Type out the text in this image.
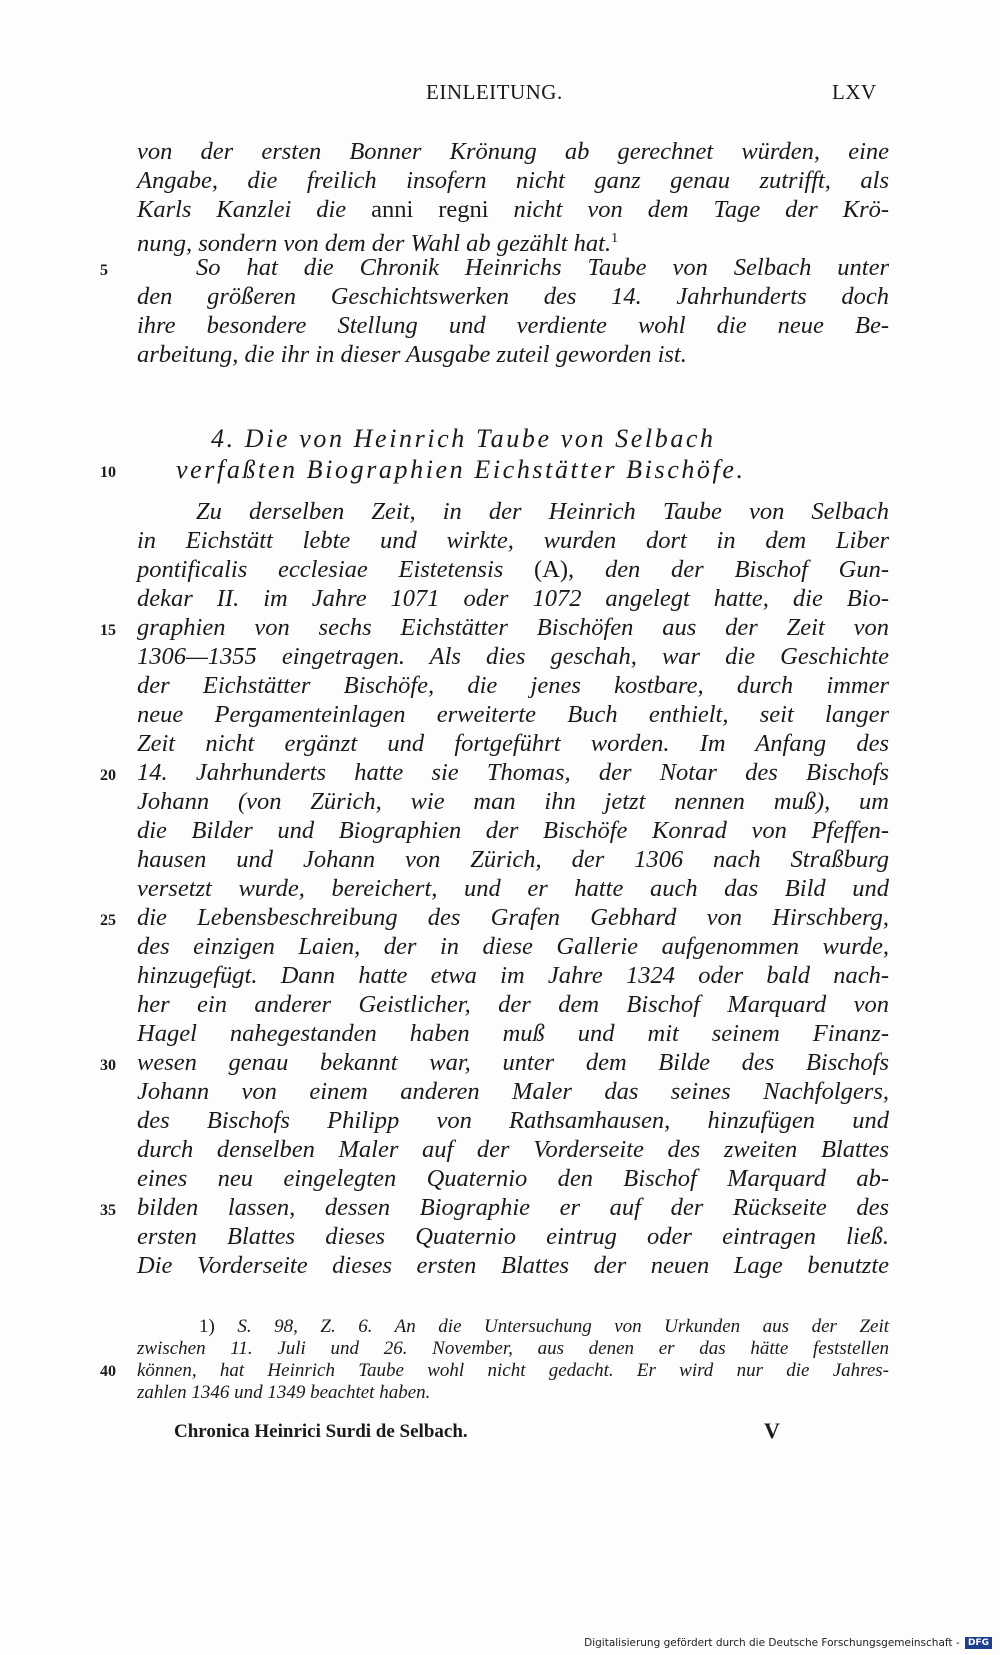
EINLEITUNG.	LXV
von der ersten Bonner Krönung ab gerechnet würden, eine
Angabe, die freilich insofern nicht ganz genau zutrifft, als
Karls Kanzlei die anni regni nicht von dem Tage der Krö-
nung, sondern von dem der Wahl ab gezählt hat.$^1$
5	So hat die Chronik Heinrichs Taube von Selbach unter
den größeren Geschichtswerken des 14. Jahrhunderts doch
ihre besondere Stellung und verdiente wohl die neue Be-
arbeitung, die ihr in dieser Ausgabe zuteil geworden ist.
4. Die von Heinrich Taube von Selbach
10 verfaßten Biographien Eichstätter Bischöfe.
Zu derselben Zeit, in der Heinrich Taube von Selbach
in Eichstätt lebte und wirkte, wurden dort in dem Liber
pontificalis ecclesiae Eistetensis (A), den der Bischof Gun-
dekar II. im Jahre 1071 oder 1072 angelegt hatte, die Bio-
15 graphien von sechs Eichstätter Bischöfen aus der Zeit von
1306—1355 eingetragen. Als dies geschah, war die Geschichte
der Eichstätter Bischöfe, die jenes kostbare, durch immer
neue Pergamenteinlagen erweiterte Buch enthielt, seit langer
Zeit nicht ergänzt und fortgeführt worden. Im Anfang des
20 14. Jahrhunderts hatte sie Thomas, der Notar des Bischofs
Johann (von Zürich, wie man ihn jetzt nennen muß), um
die Bilder und Biographien der Bischöfe Konrad von Pfeffen-
hausen und Johann von Zürich, der 1306 nach Straßburg
versetzt wurde, bereichert, und er hatte auch das Bild und
25 die Lebensbeschreibung des Grafen Gebhard von Hirschberg,
des einzigen Laien, der in diese Gallerie aufgenommen wurde,
hinzugefügt. Dann hatte etwa im Jahre 1324 oder bald nach-
her ein anderer Geistlicher, der dem Bischof Marquard von
Hagel nahegestanden haben muß und mit seinem Finanz-
30 wesen genau bekannt war, unter dem Bilde des Bischofs
Johann von einem anderen Maler das seines Nachfolgers,
des Bischofs Philipp von Rathsamhausen, hinzufügen und
durch denselben Maler auf der Vorderseite des zweiten Blattes
eines neu eingelegten Quaternio den Bischof Marquard ab-
35 bilden lassen, dessen Biographie er auf der Rückseite des
ersten Blattes dieses Quaternio eintrug oder eintragen ließ.
Die Vorderseite dieses ersten Blattes der neuen Lage benutzte
1) S. 98, Z. 6. An die Untersuchung von Urkunden aus der Zeit
zwischen 11. Juli und 26. November, aus denen er das hätte feststellen
40 können, hat Heinrich Taube wohl nicht gedacht. Er wird nur die Jahres-
zahlen 1346 und 1349 beachtet haben.
Chronica Heinrici Surdi de Selbach.	V
Digitalisierung gefördert durch die Deutsche Forschungsgemeinschaft - DFG
